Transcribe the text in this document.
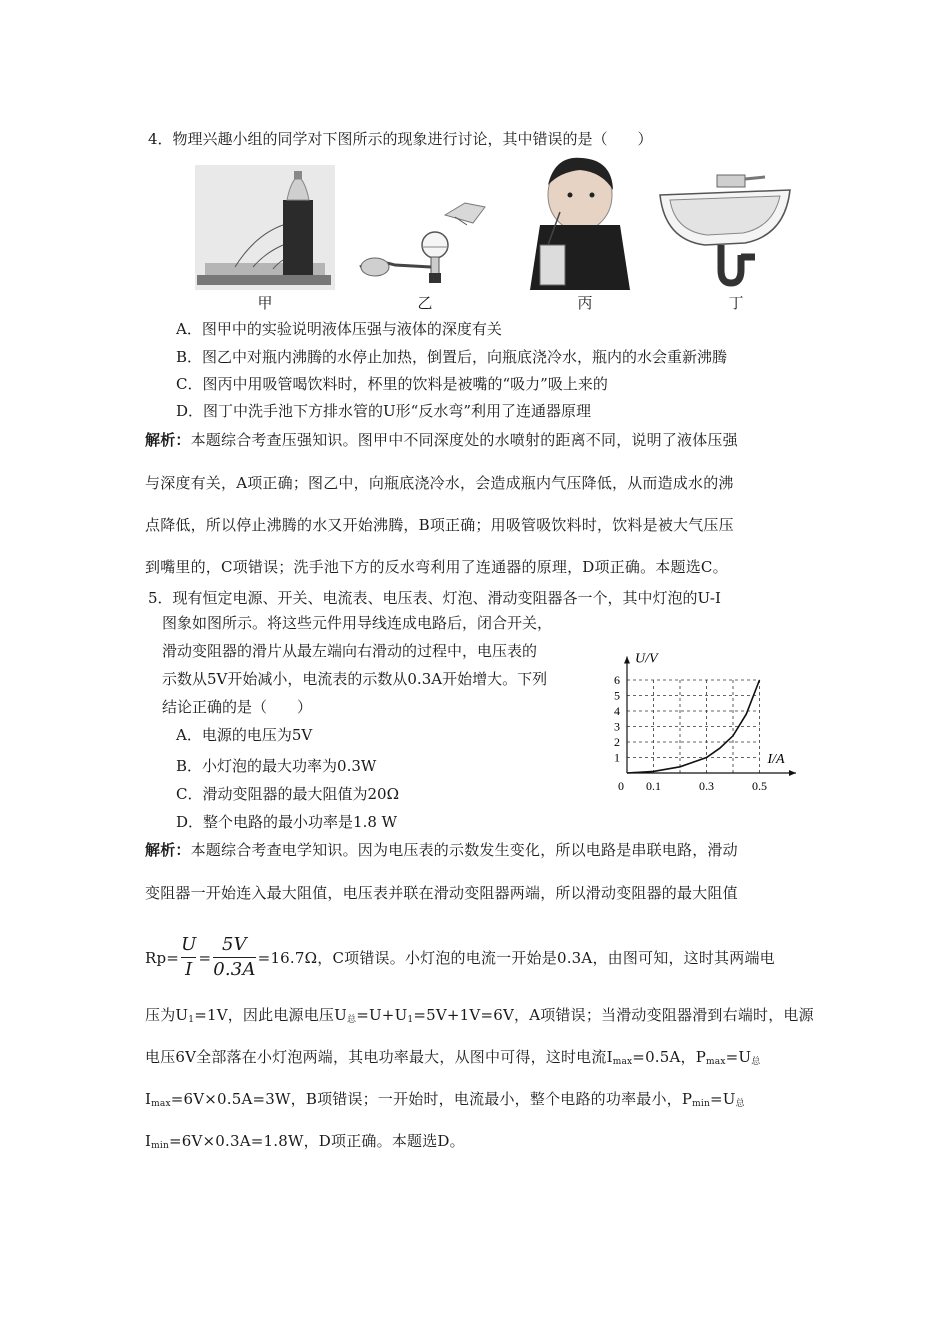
4．物理兴趣小组的同学对下图所示的现象进行讨论，其中错误的是（　　）
甲	乙	丙	丁
A．图甲中的实验说明液体压强与液体的深度有关
B．图乙中对瓶内沸腾的水停止加热，倒置后，向瓶底浇冷水，瓶内的水会重新沸腾
C．图丙中用吸管喝饮料时，杯里的饮料是被嘴的“吸力”吸上来的
D．图丁中洗手池下方排水管的U形“反水弯”利用了连通器原理
解析：本题综合考查压强知识。图甲中不同深度处的水喷射的距离不同，说明了液体压强
与深度有关，A项正确；图乙中，向瓶底浇冷水，会造成瓶内气压降低，从而造成水的沸
点降低，所以停止沸腾的水又开始沸腾，B项正确；用吸管吸饮料时，饮料是被大气压压
到嘴里的，C项错误；洗手池下方的反水弯利用了连通器的原理，D项正确。本题选C。
5．现有恒定电源、开关、电流表、电压表、灯泡、滑动变阻器各一个，其中灯泡的U-I
图象如图所示。将这些元件用导线连成电路后，闭合开关，
滑动变阻器的滑片从最左端向右滑动的过程中，电压表的
示数从5V开始减小，电流表的示数从0.3A开始增大。下列
结论正确的是（　　）
A．电源的电压为5V
B．小灯泡的最大功率为0.3W
C．滑动变阻器的最大阻值为20Ω
D．整个电路的最小功率是1.8 W
1
2
3
4
5
6
0.1	0.3	0.5
0
U/V
I/A
解析：本题综合考查电学知识。因为电压表的示数发生变化，所以电路是串联电路，滑动
变阻器一开始连入最大阻值，电压表并联在滑动变阻器两端，所以滑动变阻器的最大阻值
$Rp= \frac{U}{I} = \frac{5V}{0.3A} =16.7\Omega$，C项错误。小灯泡的电流一开始是0.3A，由图可知，这时其两端电
压为$U_1=1V$，因此电源电压$U_总=U+U_1=5V+1V=6V$，A项错误；当滑动变阻器滑到右端时，电源
电压6V全部落在小灯泡两端，其电功率最大，从图中可得，这时电流$I_{max}=0.5A$，$P_{max}=U_总$
$I_{max}=6V\times 0.5A=3W$，B项错误；一开始时，电流最小，整个电路的功率最小，$P_{min}=U_总$
$I_{min}=6V\times 0.3A=1.8W$，D项正确。本题选D。
